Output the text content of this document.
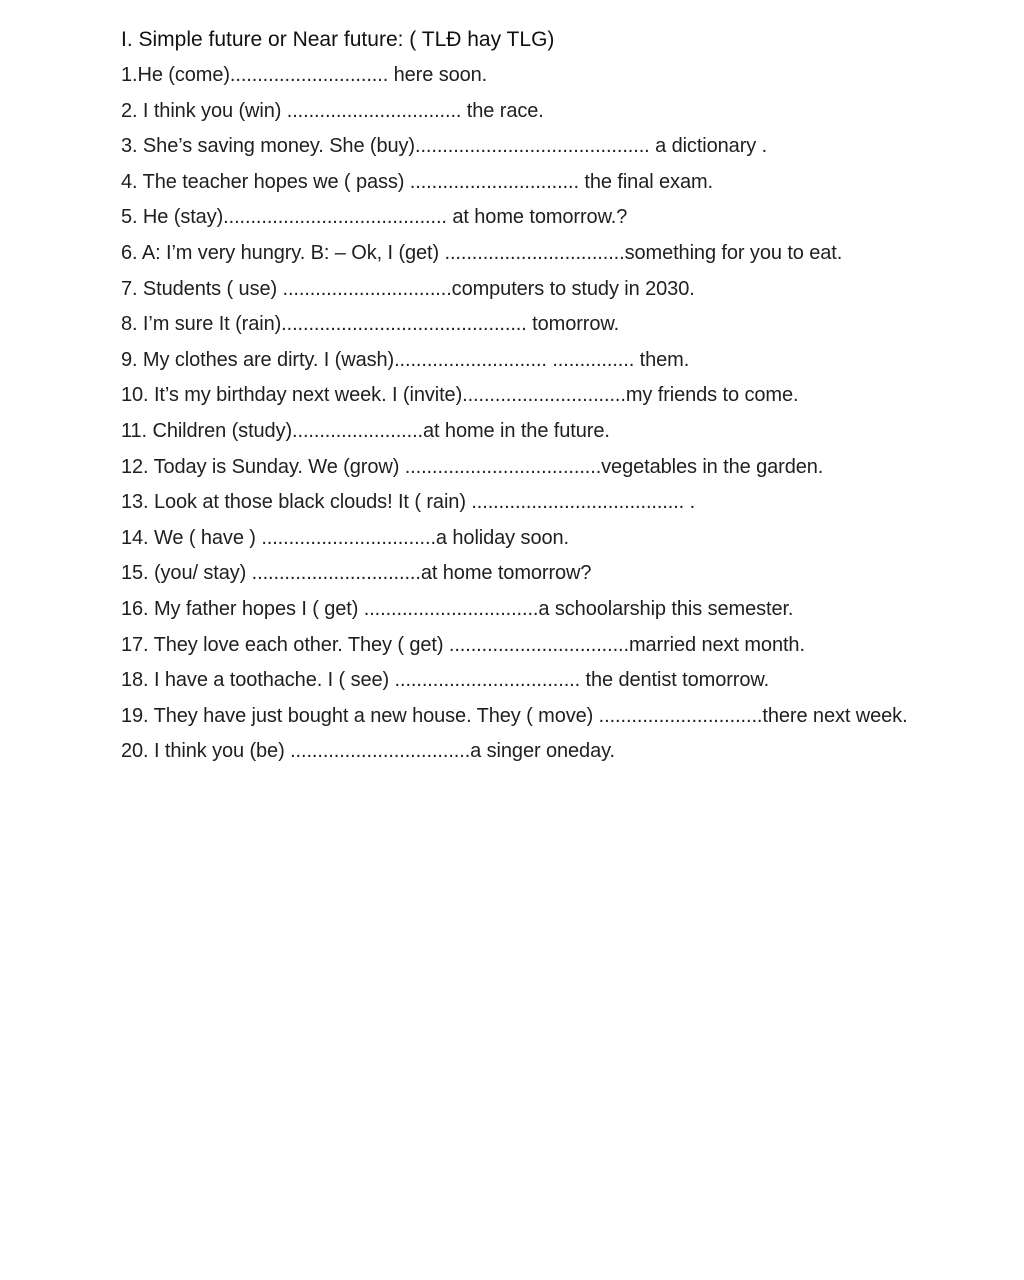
I. Simple future or Near future: ( TLĐ hay TLG)
1.He (come)............................. here soon.
2. I think you (win) ................................ the race.
3. She’s saving money. She (buy)........................................... a dictionary .
4. The teacher hopes we ( pass) ............................... the final exam.
5. He (stay)......................................... at home tomorrow.?
6. A: I’m very hungry. B: – Ok, I (get) .................................something for you to eat.
7. Students ( use) ...............................computers to study in 2030.
8. I’m sure It (rain)............................................. tomorrow.
9. My clothes are dirty. I (wash)............................ ............... them.
10. It’s my birthday next week. I (invite)..............................my friends to come.
11. Children (study)........................at home in the future.
12. Today is Sunday. We (grow) ....................................vegetables in the garden.
13. Look at those black clouds! It ( rain) ....................................... .
14. We ( have ) ................................a holiday soon.
15. (you/ stay) ...............................at home tomorrow?
16. My father hopes I ( get) ................................a schoolarship this semester.
17. They love each other. They ( get) .................................married next month.
18. I have a toothache. I ( see) .................................. the dentist tomorrow.
19. They have just bought a new house. They ( move) ..............................there next week.
20. I think you (be) .................................a singer oneday.
